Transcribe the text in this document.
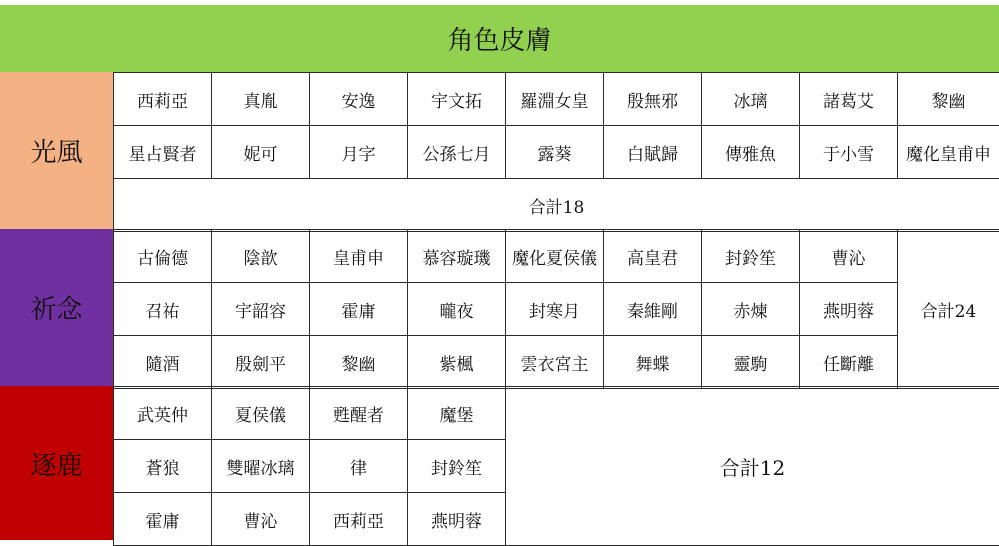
角色皮膚
光風
西莉亞	真胤	安逸	宇文拓	羅淵女皇	殷無邪	冰璃	諸葛艾	黎幽
星占賢者	妮可	月字	公孫七月	露葵	白賦歸	傳雅魚	于小雪	魔化皇甫申
合計18								
祈念
古倫德	陰歆	皇甫申	慕容璇璣	魔化夏侯儀	高皇君	封鈴笙	曹沁	合計24
召祐	宇韶容	霍庸	曨夜	封寒月	秦維剛	赤煉	燕明蓉	
隨酒	殷劍平	黎幽	紫楓	雲衣宮主	舞蝶	靈駒	任斷離	
逐鹿
武英仲	夏侯儀	甦醒者	魔堡	合計12
蒼狼	雙曜冰璃	律	封鈴笙	
霍庸	曹沁	西莉亞	燕明蓉	
